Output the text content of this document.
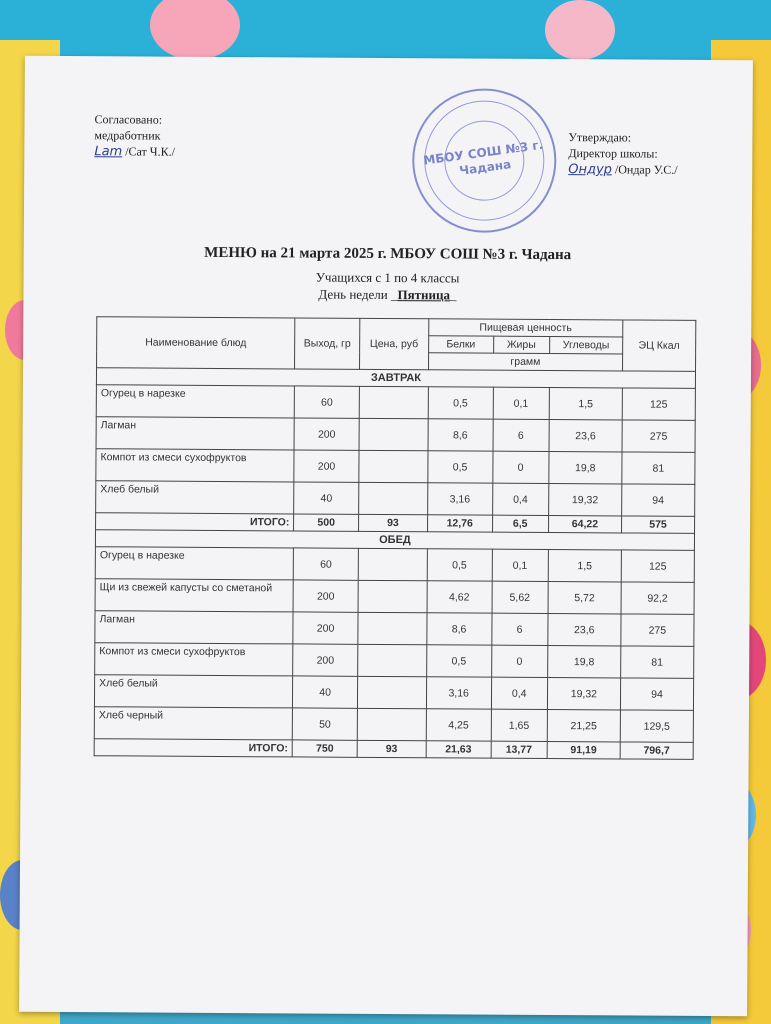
Согласовано:
медработник
Lam /Сат Ч.К./	МБОУ СОШ №3 г. Чадана
Утверждаю:
Директор школы:
Ондур /Ондар У.С./
МЕНЮ на 21 марта 2025 г. МБОУ СОШ №3 г. Чадана
Учащихся с 1 по 4 классы
День недели _Пятница_
Наименование блюд	Выход, гр	Цена, руб	Пищевая ценность			ЭЦ Ккал
			Белки	Жиры	Углеводы	
			грамм			
ЗАВТРАК						
Огурец в нарезке	60		0,5	0,1	1,5	125
Лагман	200		8,6	6	23,6	275
Компот из смеси сухофруктов	200		0,5	0	19,8	81
Хлеб белый	40		3,16	0,4	19,32	94
ИТОГО:	500	93	12,76	6,5	64,22	575
ОБЕД						
Огурец в нарезке	60		0,5	0,1	1,5	125
Щи из свежей капусты со сметаной	200		4,62	5,62	5,72	92,2
Лагман	200		8,6	6	23,6	275
Компот из смеси сухофруктов	200		0,5	0	19,8	81
Хлеб белый	40		3,16	0,4	19,32	94
Хлеб черный	50		4,25	1,65	21,25	129,5
ИТОГО:	750	93	21,63	13,77	91,19	796,7
